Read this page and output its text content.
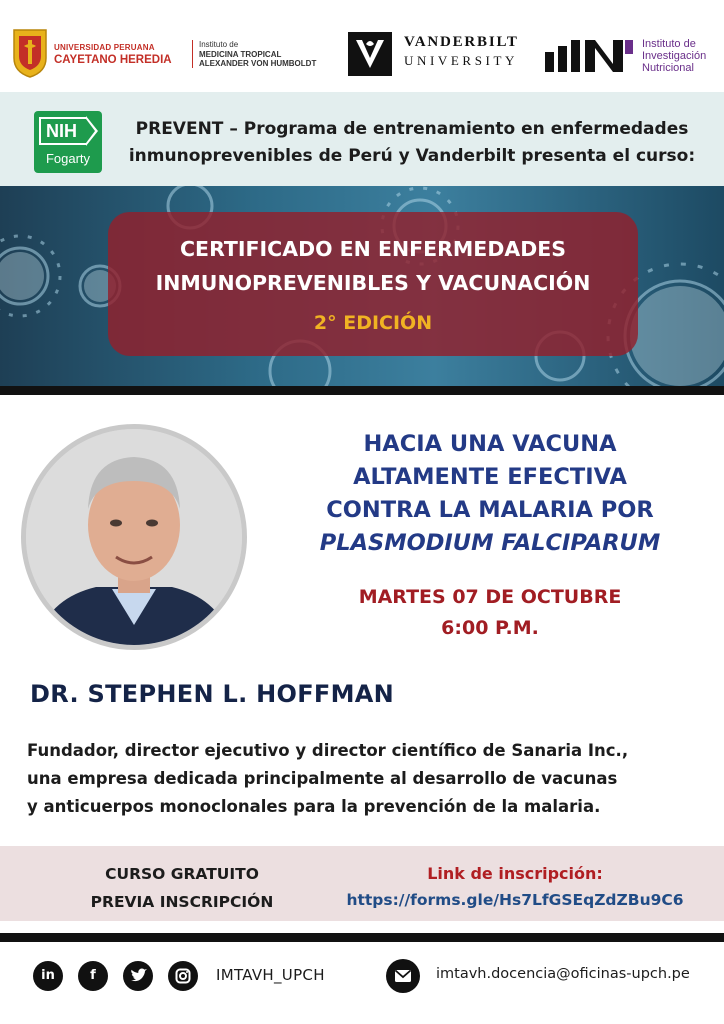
UNIVERSIDAD PERUANA
CAYETANO HEREDIA
Instituto de
MEDICINA TROPICAL
ALEXANDER VON HUMBOLDT
VANDERBILT
UNIVERSITY
Instituto de
Investigación
Nutricional
NIH
Fogarty
PREVENT – Programa de entrenamiento en enfermedades
inmunoprevenibles de Perú y Vanderbilt presenta el curso:
CERTIFICADO EN ENFERMEDADES
INMUNOPREVENIBLES Y VACUNACIÓN
2° EDICIÓN
HACIA UNA VACUNA
ALTAMENTE EFECTIVA
CONTRA LA MALARIA POR
PLASMODIUM FALCIPARUM
MARTES 07 DE OCTUBRE
6:00 P.M.
DR. STEPHEN L. HOFFMAN
Fundador, director ejecutivo y director científico de Sanaria Inc.,
una empresa dedicada principalmente al desarrollo de vacunas
y anticuerpos monoclonales para la prevención de la malaria.
CURSO GRATUITO
PREVIA INSCRIPCIÓN
Link de inscripción:
https://forms.gle/Hs7LfGSEqZdZBu9C6
in	f	IMTAVH_UPCH	imtavh.docencia@oficinas-upch.pe
